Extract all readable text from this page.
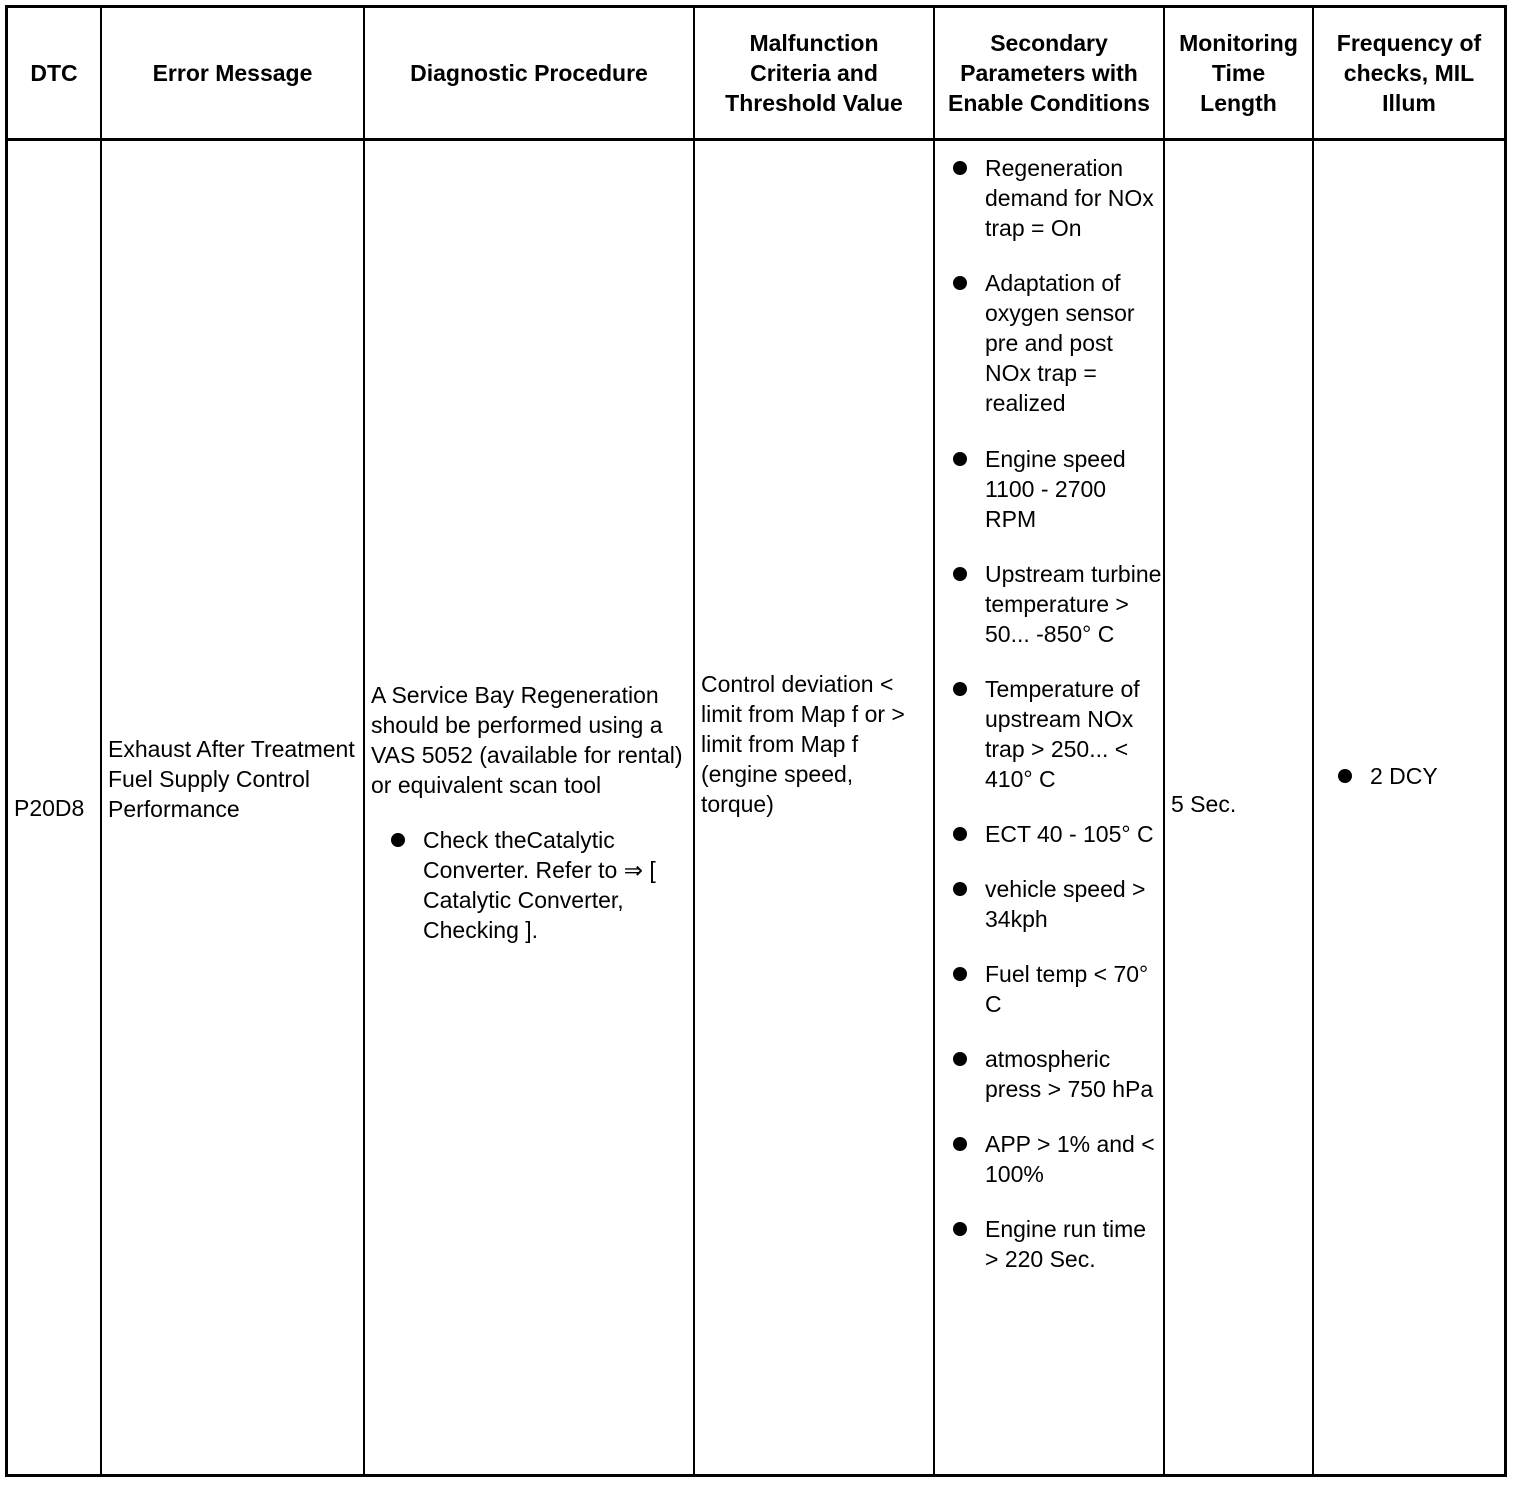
DTC	Error Message	Diagnostic Procedure
Malfunction Criteria and Threshold Value
Secondary Parameters with Enable Conditions
Monitoring Time Length
Frequency of checks, MIL Illum
P20D8
Exhaust After Treatment Fuel Supply Control Performance
A Service Bay Regeneration should be performed using a VAS 5052 (available for rental) or equivalent scan tool
Check theCatalytic Converter. Refer to ⇒ [ Catalytic Converter, Checking ].
Control deviation < limit from Map f or > limit from Map f (engine speed, torque)
Regeneration demand for NOx trap = On
Adaptation of oxygen sensor pre and post NOx trap = realized
Engine speed 1100 - 2700 RPM
Upstream turbine temperature > 50... -850° C
Temperature of upstream NOx trap > 250... < 410° C
ECT 40 - 105° C
vehicle speed > 34kph
Fuel temp < 70° C
atmospheric press > 750 hPa
APP > 1% and < 100%
Engine run time > 220 Sec.
5 Sec.
2 DCY
